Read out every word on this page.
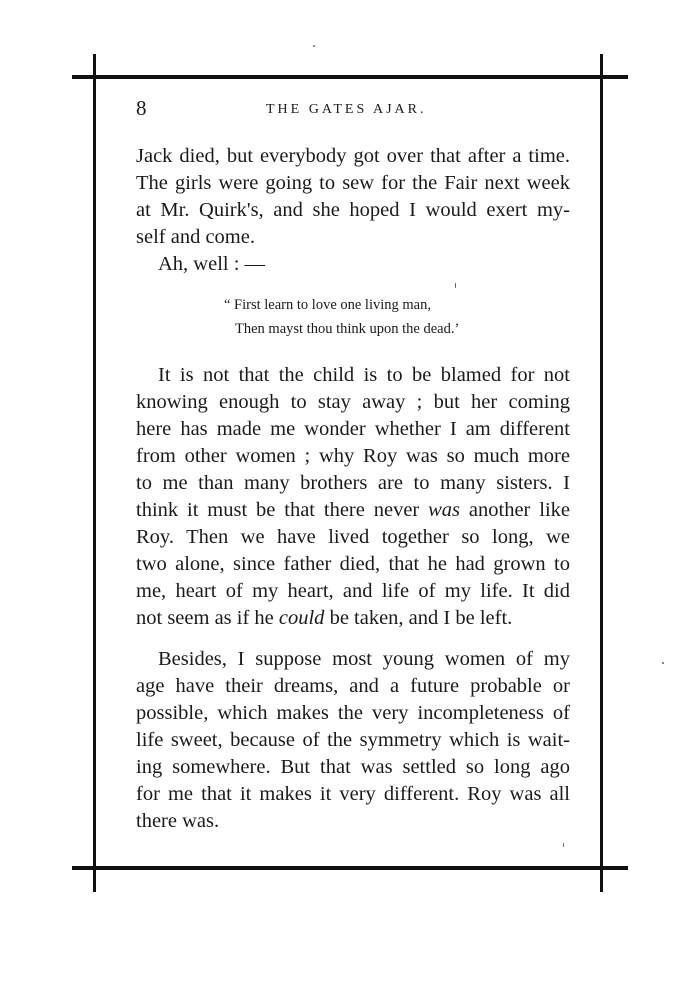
8	THE GATES AJAR.
Jack died, but everybody got over that after a time.
The girls were going to sew for the Fair next week
at Mr. Quirk's, and she hoped I would exert my-
self and come.
Ah, well : —
“ First learn to love one living man,
Then mayst thou think upon the dead.’
It is not that the child is to be blamed for not
knowing enough to stay away ; but her coming
here has made me wonder whether I am different
from other women ; why Roy was so much more
to me than many brothers are to many sisters. I
think it must be that there never was another like
Roy. Then we have lived together so long, we
two alone, since father died, that he had grown to
me, heart of my heart, and life of my life. It did
not seem as if he could be taken, and I be left.
Besides, I suppose most young women of my
age have their dreams, and a future probable or
possible, which makes the very incompleteness of
life sweet, because of the symmetry which is wait-
ing somewhere. But that was settled so long ago
for me that it makes it very different. Roy was all
there was.
